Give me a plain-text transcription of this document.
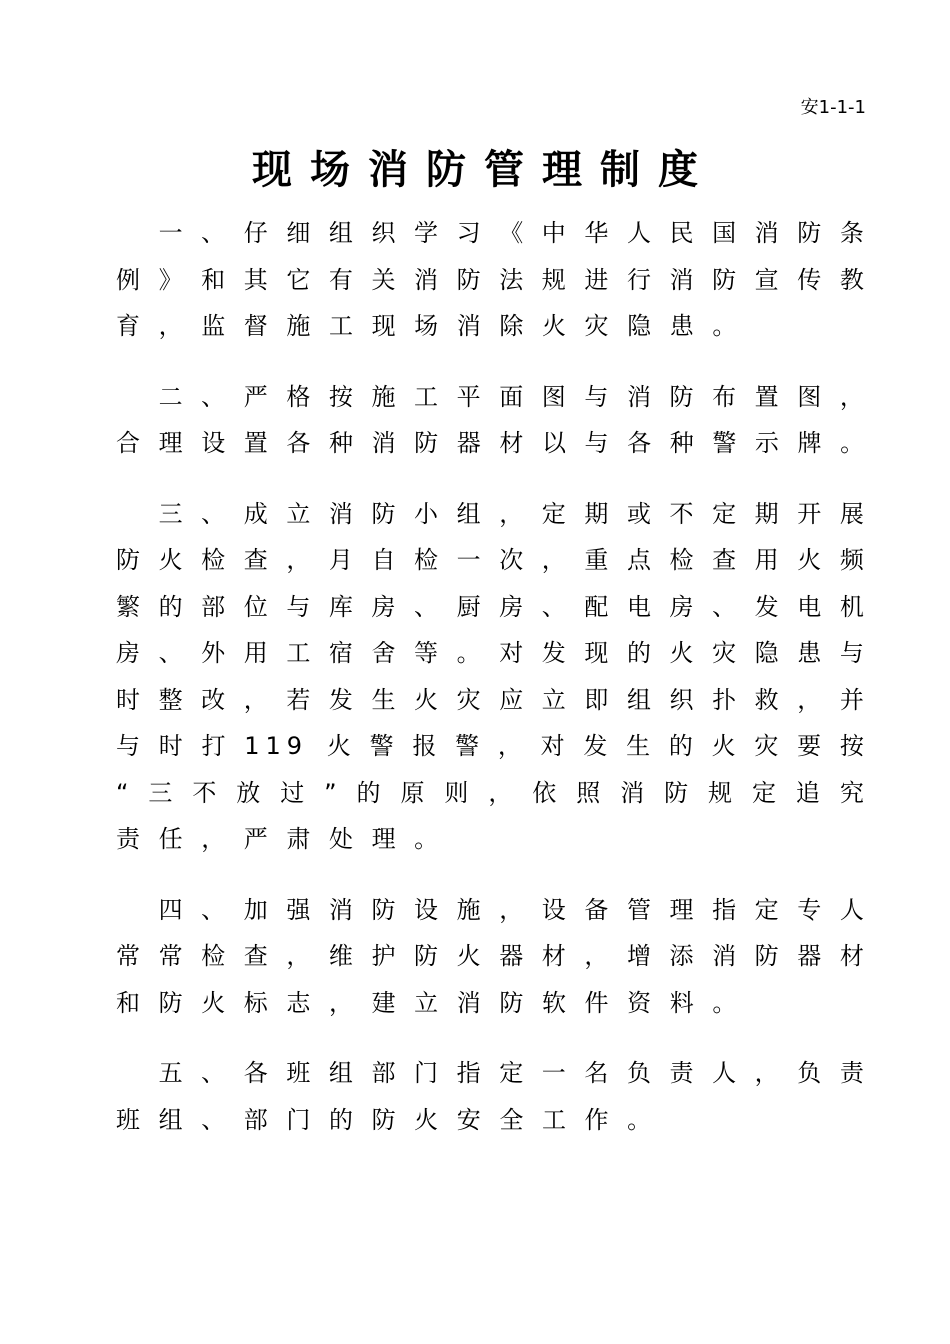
安1-1-1
现场消防管理制度

一 、 仔 细 组 织 学 习 《 中 华 人 民 国 消 防 条
例 》 和 其 它 有 关 消 防 法 规 进 行 消 防 宣 传 教
育 ， 监 督 施 工 现 场 消 除 火 灾 隐 患 。

二 、 严 格 按 施 工 平 面 图 与 消 防 布 置 图 ，
合 理 设 置 各 种 消 防 器 材 以 与 各 种 警 示 牌 。

三 、 成 立 消 防 小 组 ， 定 期 或 不 定 期 开 展
防 火 检 查 ， 月 自 检 一 次 ， 重 点 检 查 用 火 频
繁 的 部 位 与 库 房 、 厨 房 、 配 电 房 、 发 电 机
房 、 外 用 工 宿 舍 等 。 对 发 现 的 火 灾 隐 患 与
时 整 改 ， 若 发 生 火 灾 应 立 即 组 织 扑 救 ， 并
与 时 打 119 火 警 报 警 ， 对 发 生 的 火 灾 要 按
“ 三 不 放 过 ” 的 原 则 ， 依 照 消 防 规 定 追 究
责 任 ， 严 肃 处 理 。

四 、 加 强 消 防 设 施 ， 设 备 管 理 指 定 专 人
常 常 检 查 ， 维 护 防 火 器 材 ， 增 添 消 防 器 材
和 防 火 标 志 ， 建 立 消 防 软 件 资 料 。

五 、 各 班 组 部 门 指 定 一 名 负 责 人 ， 负 责
班 组 、 部 门 的 防 火 安 全 工 作 。
